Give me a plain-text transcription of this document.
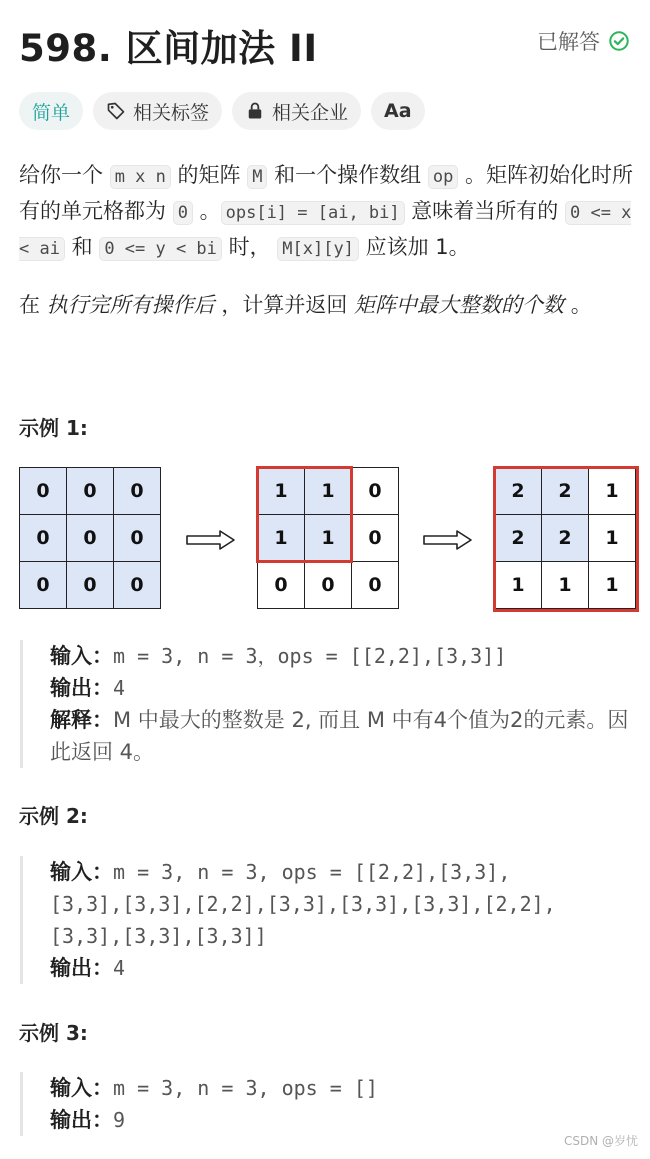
598. 区间加法 II	已解答
简单	相关标签	相关企业 Aa
给你一个 m x n 的矩阵 M 和一个操作数组 op 。矩阵初始化时所有的单元格都为 0 。 ops[i] = [ai, bi] 意味着当所有的 0 <= x < ai 和 0 <= y < bi 时， M[x][y] 应该加 1。
在 执行完所有操作后 ，计算并返回 矩阵中最大整数的个数 。
示例 1:
0	0	0
0	0	0
0	0	0
1	1	0
1	1	0
0	0	0
2	2	1
2	2	1
1	1	1
输入：m = 3, n = 3，ops = [[2,2],[3,3]]
输出：4
解释：M 中最大的整数是 2, 而且 M 中有4个值为2的元素。因此返回 4。
示例 2:
输入：m = 3, n = 3, ops = [[2,2],[3,3],
[3,3],[3,3],[2,2],[3,3],[3,3],[3,3],[2,2],
[3,3],[3,3],[3,3]]
输出：4
示例 3:
输入：m = 3, n = 3, ops = []
输出：9
CSDN @岁忧
